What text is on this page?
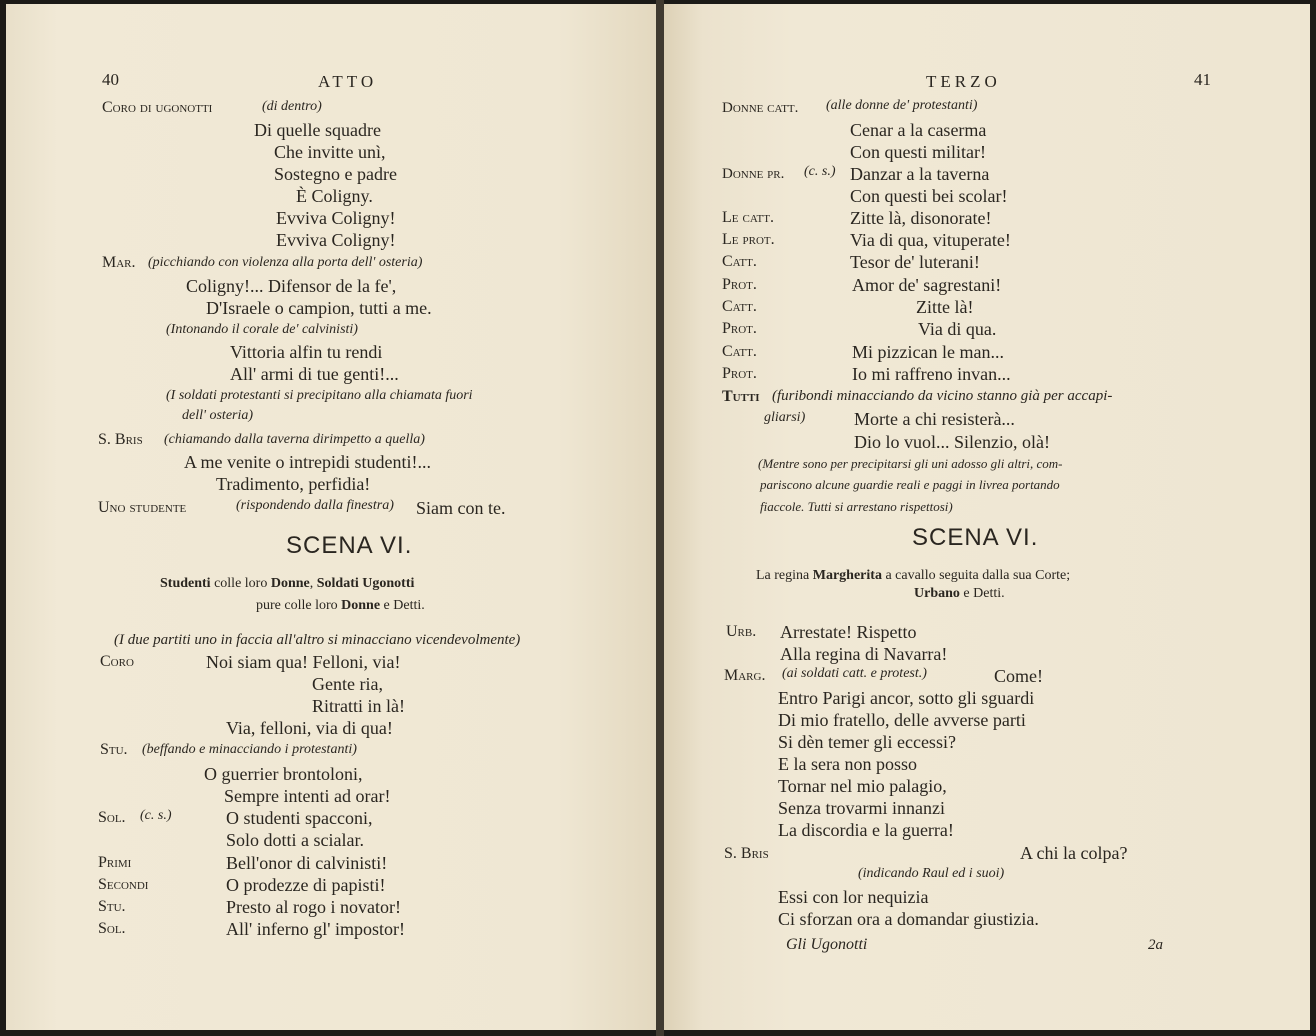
40	ATTO
Coro di ugonotti	(di dentro)
Di quelle squadre
Che invitte unì,
Sostegno e padre
È Coligny.
Evviva Coligny!
Evviva Coligny!
Mar. (picchiando con violenza alla porta dell' osteria)
Coligny!... Difensor de la fe',
D'Israele o campion, tutti a me.
(Intonando il corale de' calvinisti)
Vittoria alfin tu rendi
All' armi di tue genti!...
(I soldati protestanti si precipitano alla chiamata fuori
dell' osteria)
S. Bris (chiamando dalla taverna dirimpetto a quella)
A me venite o intrepidi studenti!...
Tradimento, perfidia!
Uno studente	(rispondendo dalla finestra) Siam con te.
SCENA VI.
Studenti colle loro Donne, Soldati Ugonotti
pure colle loro Donne e Detti.
(I due partiti uno in faccia all'altro si minacciano vicendevolmente)
Coro	Noi siam qua! Felloni, via!
Gente ria,
Ritratti in là!
Via, felloni, via di qua!
Stu. (beffando e minacciando i protestanti)
O guerrier brontoloni,
Sempre intenti ad orar!
Sol. (c. s.)	O studenti spacconi,
Solo dotti a scialar.
Primi	Bell'onor di calvinisti!
Secondi	O prodezze di papisti!
Stu.	Presto al rogo i novator!
Sol.	All' inferno gl' impostor!
TERZO	41
Donne catt. (alle donne de' protestanti)
Cenar a la caserma
Con questi militar!
Donne pr. (c. s.) Danzar a la taverna
Con questi bei scolar!
Le catt.	Zitte là, disonorate!
Le prot.	Via di qua, vituperate!
Catt.	Tesor de' luterani!
Prot.	Amor de' sagrestani!
Catt.	Zitte là!
Prot.	Via di qua.
Catt.	Mi pizzican le man...
Prot.	Io mi raffreno invan...
Tutti (furibondi minacciando da vicino stanno già per accapi-
gliarsi)	Morte a chi resisterà...
Dio lo vuol... Silenzio, olà!
(Mentre sono per precipitarsi gli uni adosso gli altri, com-
pariscono alcune guardie reali e paggi in livrea portando
fiaccole. Tutti si arrestano rispettosi)
SCENA VI.
La regina Margherita a cavallo seguita dalla sua Corte;
Urbano e Detti.
Urb. Arrestate! Rispetto
Alla regina di Navarra!
Marg. (ai soldati catt. e protest.)	Come!
Entro Parigi ancor, sotto gli sguardi
Di mio fratello, delle avverse parti
Si dèn temer gli eccessi?
E la sera non posso
Tornar nel mio palagio,
Senza trovarmi innanzi
La discordia e la guerra!
S. Bris	A chi la colpa?
(indicando Raul ed i suoi)
Essi con lor nequizia
Ci sforzan ora a domandar giustizia.
Gli Ugonotti	2a
